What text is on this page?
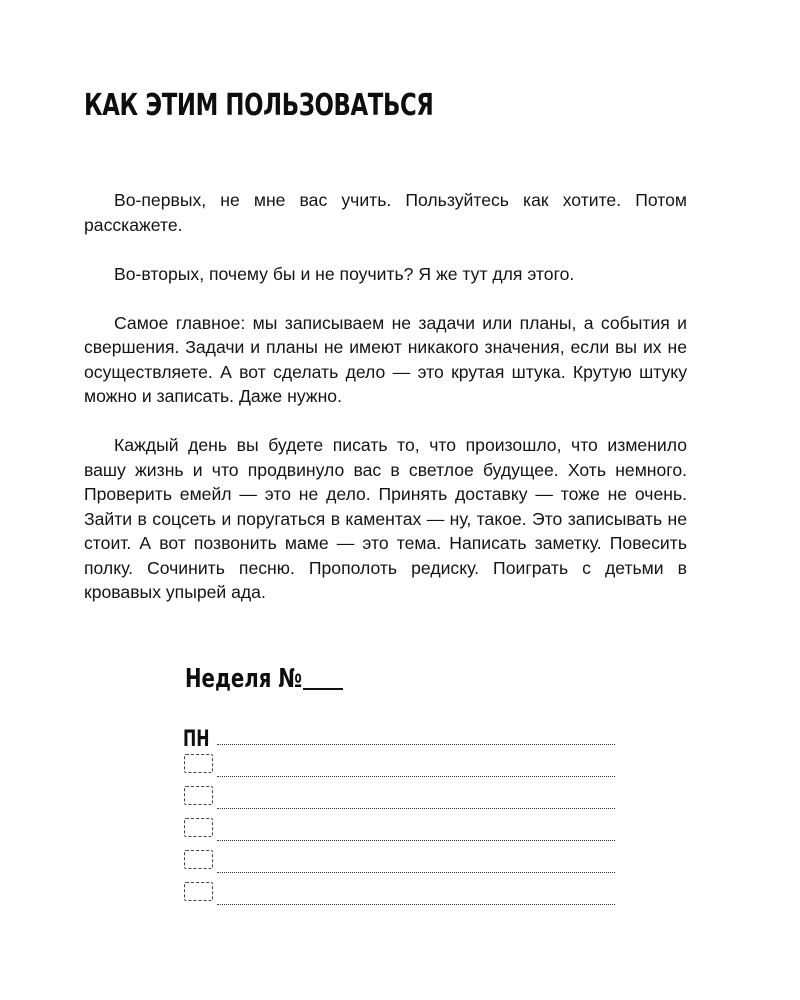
КАК ЭТИМ ПОЛЬЗОВАТЬСЯ

Во-первых, не мне вас учить. Пользуйтесь как хотите. Потом расскажете.

Во-вторых, почему бы и не поучить? Я же тут для этого.

Самое главное: мы записываем не задачи или планы, а события и свершения. Задачи и планы не имеют никакого значения, если вы их не осуществляете. А вот сделать дело — это крутая штука. Крутую штуку можно и записать. Даже нужно.

Каждый день вы будете писать то, что произошло, что изменило вашу жизнь и что продвинуло вас в светлое будущее. Хоть немного. Проверить емейл — это не дело. Принять доставку — тоже не очень. Зайти в соцсеть и поругаться в каментах — ну, такое. Это записывать не стоит. А вот позвонить маме — это тема. Написать заметку. Повесить полку. Сочинить песню. Прополоть редиску. Поиграть с детьми в кровавых упырей ада.

Неделя №
ПН
